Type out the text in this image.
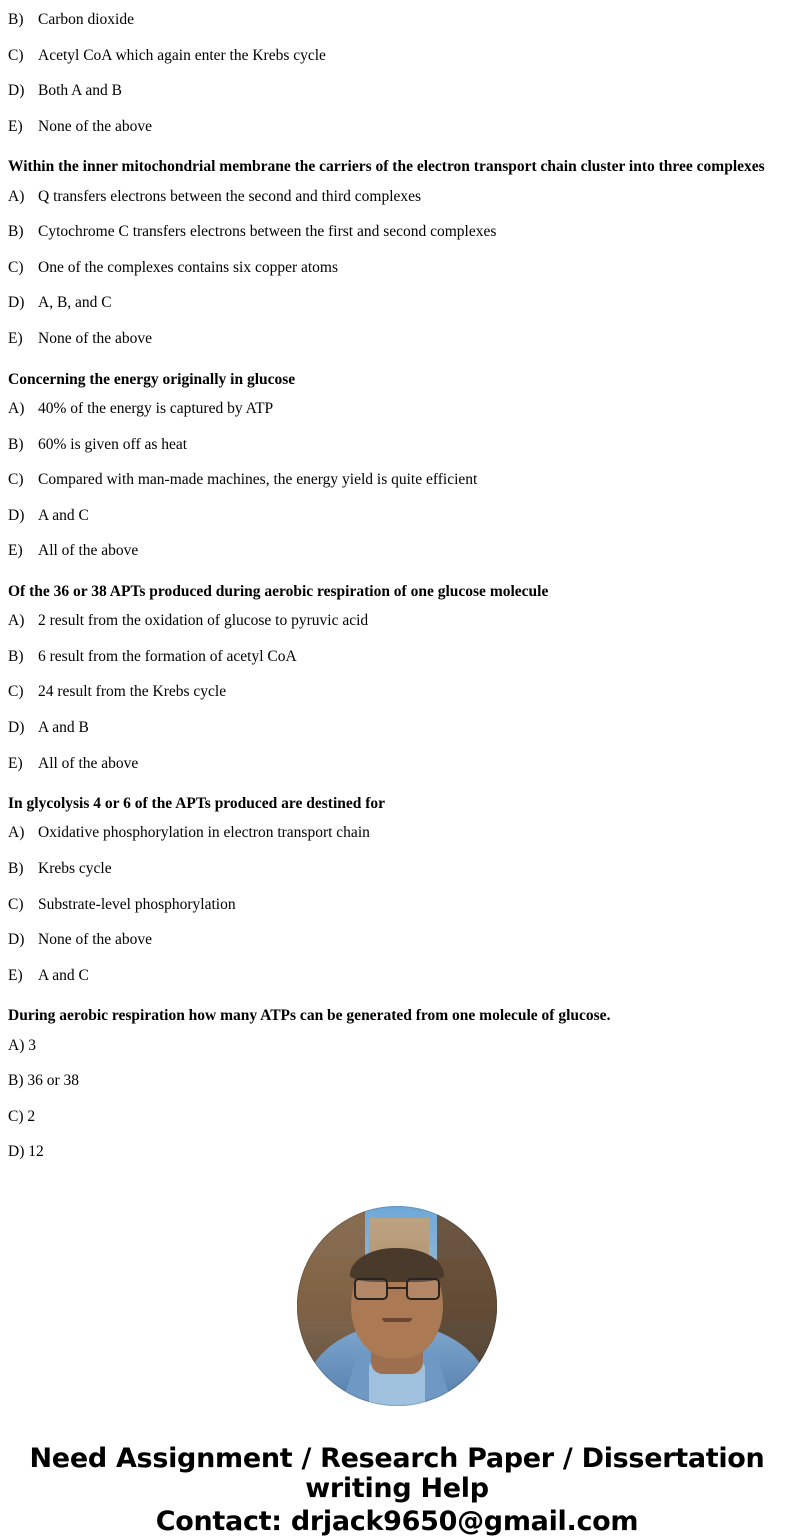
B) Carbon dioxide
C) Acetyl CoA which again enter the Krebs cycle
D) Both A and B
E) None of the above

Within the inner mitochondrial membrane the carriers of the electron transport chain cluster into three complexes

A) Q transfers electrons between the second and third complexes
B) Cytochrome C transfers electrons between the first and second complexes
C) One of the complexes contains six copper atoms
D) A, B, and C
E) None of the above

Concerning the energy originally in glucose

A) 40% of the energy is captured by ATP
B) 60% is given off as heat
C) Compared with man-made machines, the energy yield is quite efficient
D) A and C
E) All of the above

Of the 36 or 38 APTs produced during aerobic respiration of one glucose molecule

A) 2 result from the oxidation of glucose to pyruvic acid
B) 6 result from the formation of acetyl CoA
C) 24 result from the Krebs cycle
D) A and B
E) All of the above

In glycolysis 4 or 6 of the APTs produced are destined for

A) Oxidative phosphorylation in electron transport chain
B) Krebs cycle
C) Substrate-level phosphorylation
D) None of the above
E) A and C

During aerobic respiration how many ATPs can be generated from one molecule of glucose.

A) 3

B) 36 or 38

C) 2

D) 12

Need Assignment / Research Paper / Dissertation
writing Help
Contact: drjack9650@gmail.com
